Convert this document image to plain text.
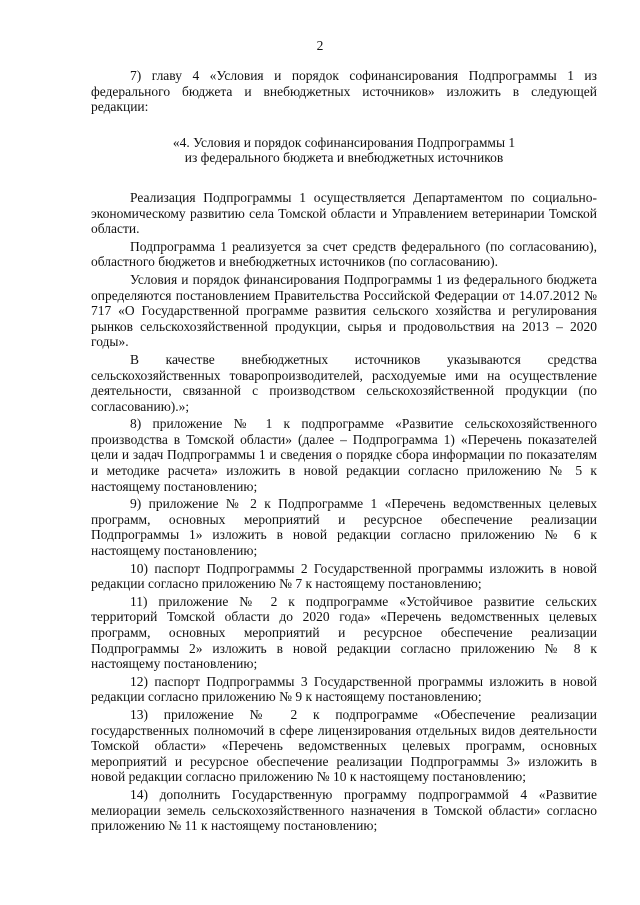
2

7) главу 4 «Условия и порядок софинансирования Подпрограммы 1 из федерального бюджета и внебюджетных источников» изложить в следующей редакции:

«4. Условия и порядок софинансирования Подпрограммы 1
из федерального бюджета и внебюджетных источников

Реализация Подпрограммы 1 осуществляется Департаментом по социально-экономическому развитию села Томской области и Управлением ветеринарии Томской области.

Подпрограмма 1 реализуется за счет средств федерального (по согласованию), областного бюджетов и внебюджетных источников (по согласованию).

Условия и порядок финансирования Подпрограммы 1 из федерального бюджета определяются постановлением Правительства Российской Федерации от 14.07.2012 № 717 «О Государственной программе развития сельского хозяйства и регулирования рынков сельскохозяйственной продукции, сырья и продовольствия на 2013 – 2020 годы».

В качестве внебюджетных источников указываются средства сельскохозяйственных товаропроизводителей, расходуемые ими на осуществление деятельности, связанной с производством сельскохозяйственной продукции (по согласованию).»;

8) приложение № 1 к подпрограмме «Развитие сельскохозяйственного производства в Томской области» (далее – Подпрограмма 1) «Перечень показателей цели и задач Подпрограммы 1 и сведения о порядке сбора информации по показателям и методике расчета» изложить в новой редакции согласно приложению № 5 к настоящему постановлению;

9) приложение № 2 к Подпрограмме 1 «Перечень ведомственных целевых программ, основных мероприятий и ресурсное обеспечение реализации Подпрограммы 1» изложить в новой редакции согласно приложению № 6 к настоящему постановлению;

10) паспорт Подпрограммы 2 Государственной программы изложить в новой редакции согласно приложению № 7 к настоящему постановлению;

11) приложение № 2 к подпрограмме «Устойчивое развитие сельских территорий Томской области до 2020 года» «Перечень ведомственных целевых программ, основных мероприятий и ресурсное обеспечение реализации Подпрограммы 2» изложить в новой редакции согласно приложению № 8 к настоящему постановлению;

12) паспорт Подпрограммы 3 Государственной программы изложить в новой редакции согласно приложению № 9 к настоящему постановлению;

13) приложение № 2 к подпрограмме «Обеспечение реализации государственных полномочий в сфере лицензирования отдельных видов деятельности Томской области» «Перечень ведомственных целевых программ, основных мероприятий и ресурсное обеспечение реализации Подпрограммы 3» изложить в новой редакции согласно приложению № 10 к настоящему постановлению;

14) дополнить Государственную программу подпрограммой 4 «Развитие мелиорации земель сельскохозяйственного назначения в Томской области» согласно приложению № 11 к настоящему постановлению;
